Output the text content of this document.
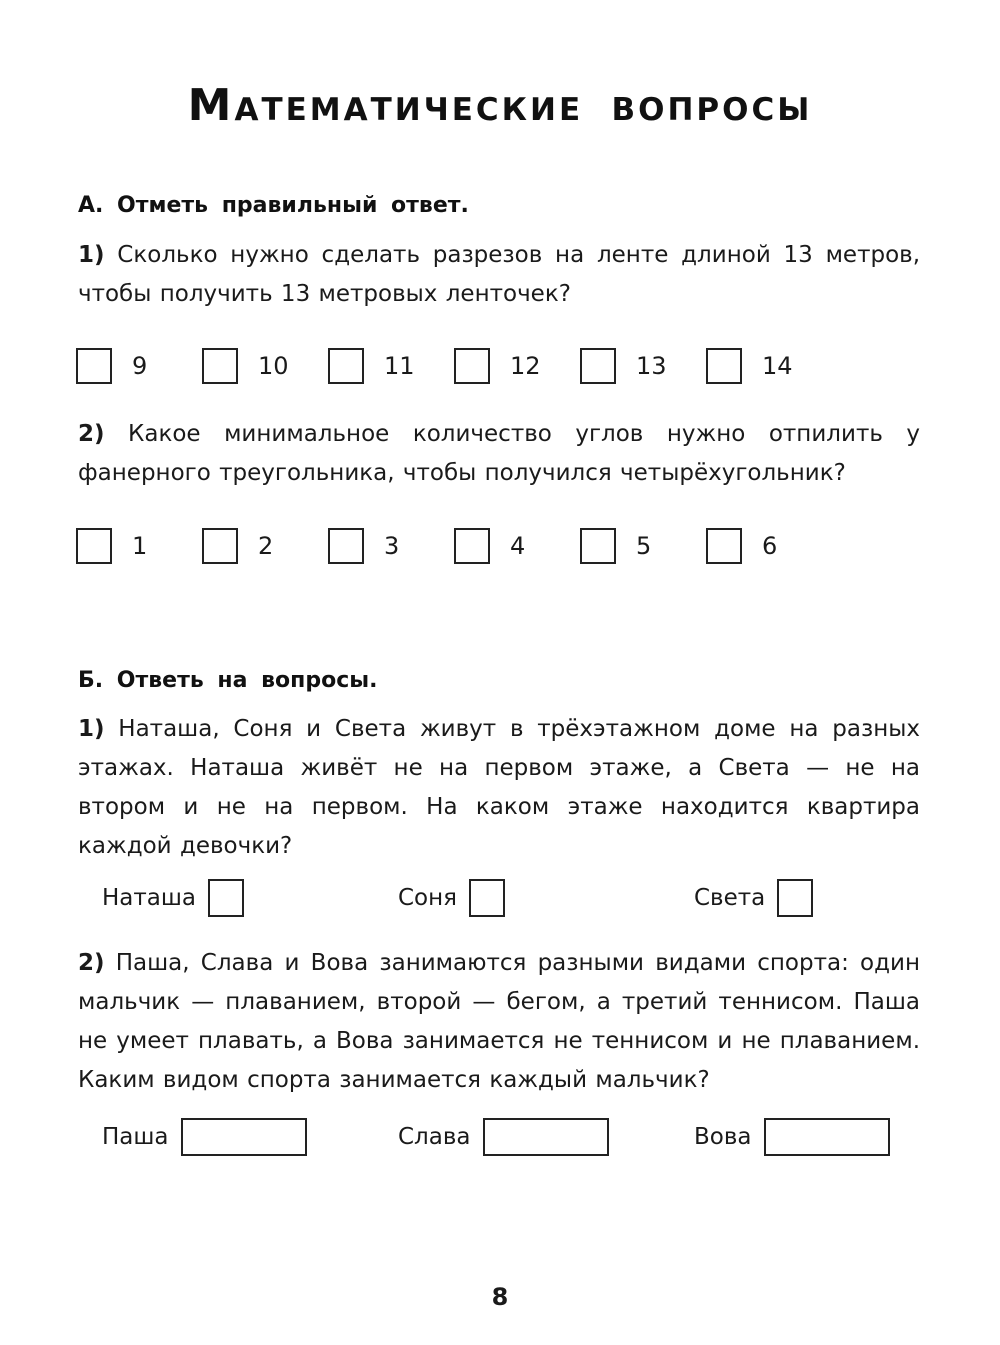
Математические вопросы
А. Отметь правильный ответ.
1) Сколько нужно сделать разрезов на ленте длиной 13 метров, чтобы получить 13 метровых ленточек?
9	10	11	12	13	14
2) Какое минимальное количество углов нужно отпилить у фанерного треугольника, чтобы получился четырёхугольник?
1	2	3	4	5	6
Б. Ответь на вопросы.
1) Наташа, Соня и Света живут в трёхэтажном доме на разных этажах. Наташа живёт не на первом этаже, а Света — не на втором и не на первом. На каком этаже находится квартира каждой девочки?
Наташа	Соня	Света
2) Паша, Слава и Вова занимаются разными видами спорта: один мальчик — плаванием, второй — бегом, а третий теннисом. Паша не умеет плавать, а Вова занимается не теннисом и не плаванием. Каким видом спорта занимается каждый мальчик?
Паша	Слава	Вова
8
